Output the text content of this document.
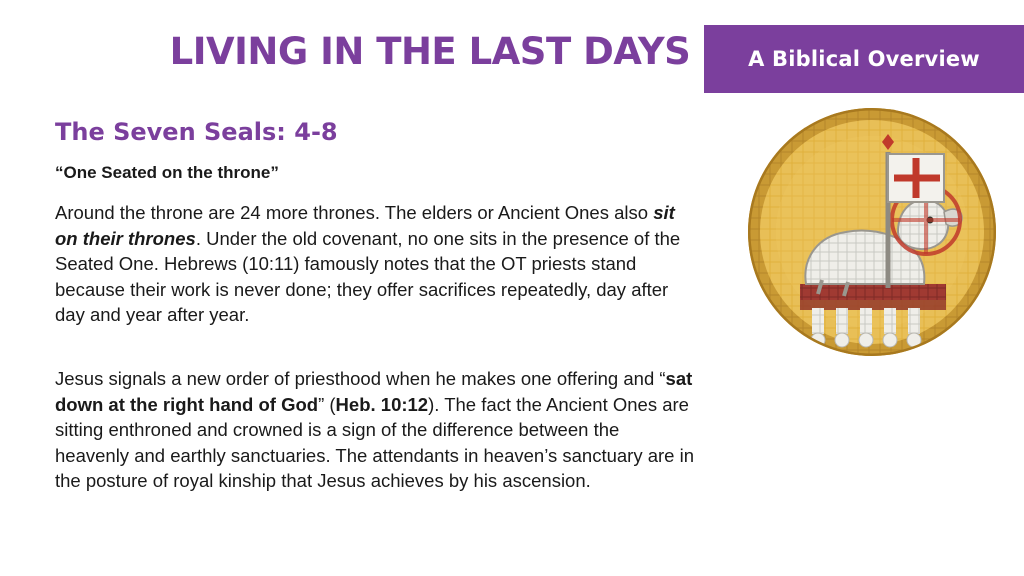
LIVING IN THE LAST DAYS	A Biblical Overview
The Seven Seals: 4-8
“One Seated on the throne”
Around the throne are 24 more thrones. The elders or Ancient Ones also sit on their thrones. Under the old covenant, no one sits in the presence of the Seated One. Hebrews (10:11) famously notes that the OT priests stand because their work is never done; they offer sacrifices repeatedly, day after day and year after year.
Jesus signals a new order of priesthood when he makes one offering and “sat down at the right hand of God” (Heb. 10:12). The fact the Ancient Ones are sitting enthroned and crowned is a sign of the difference between the heavenly and earthly sanctuaries. The attendants in heaven’s sanctuary are in the posture of royal kinship that Jesus achieves by his ascension.
